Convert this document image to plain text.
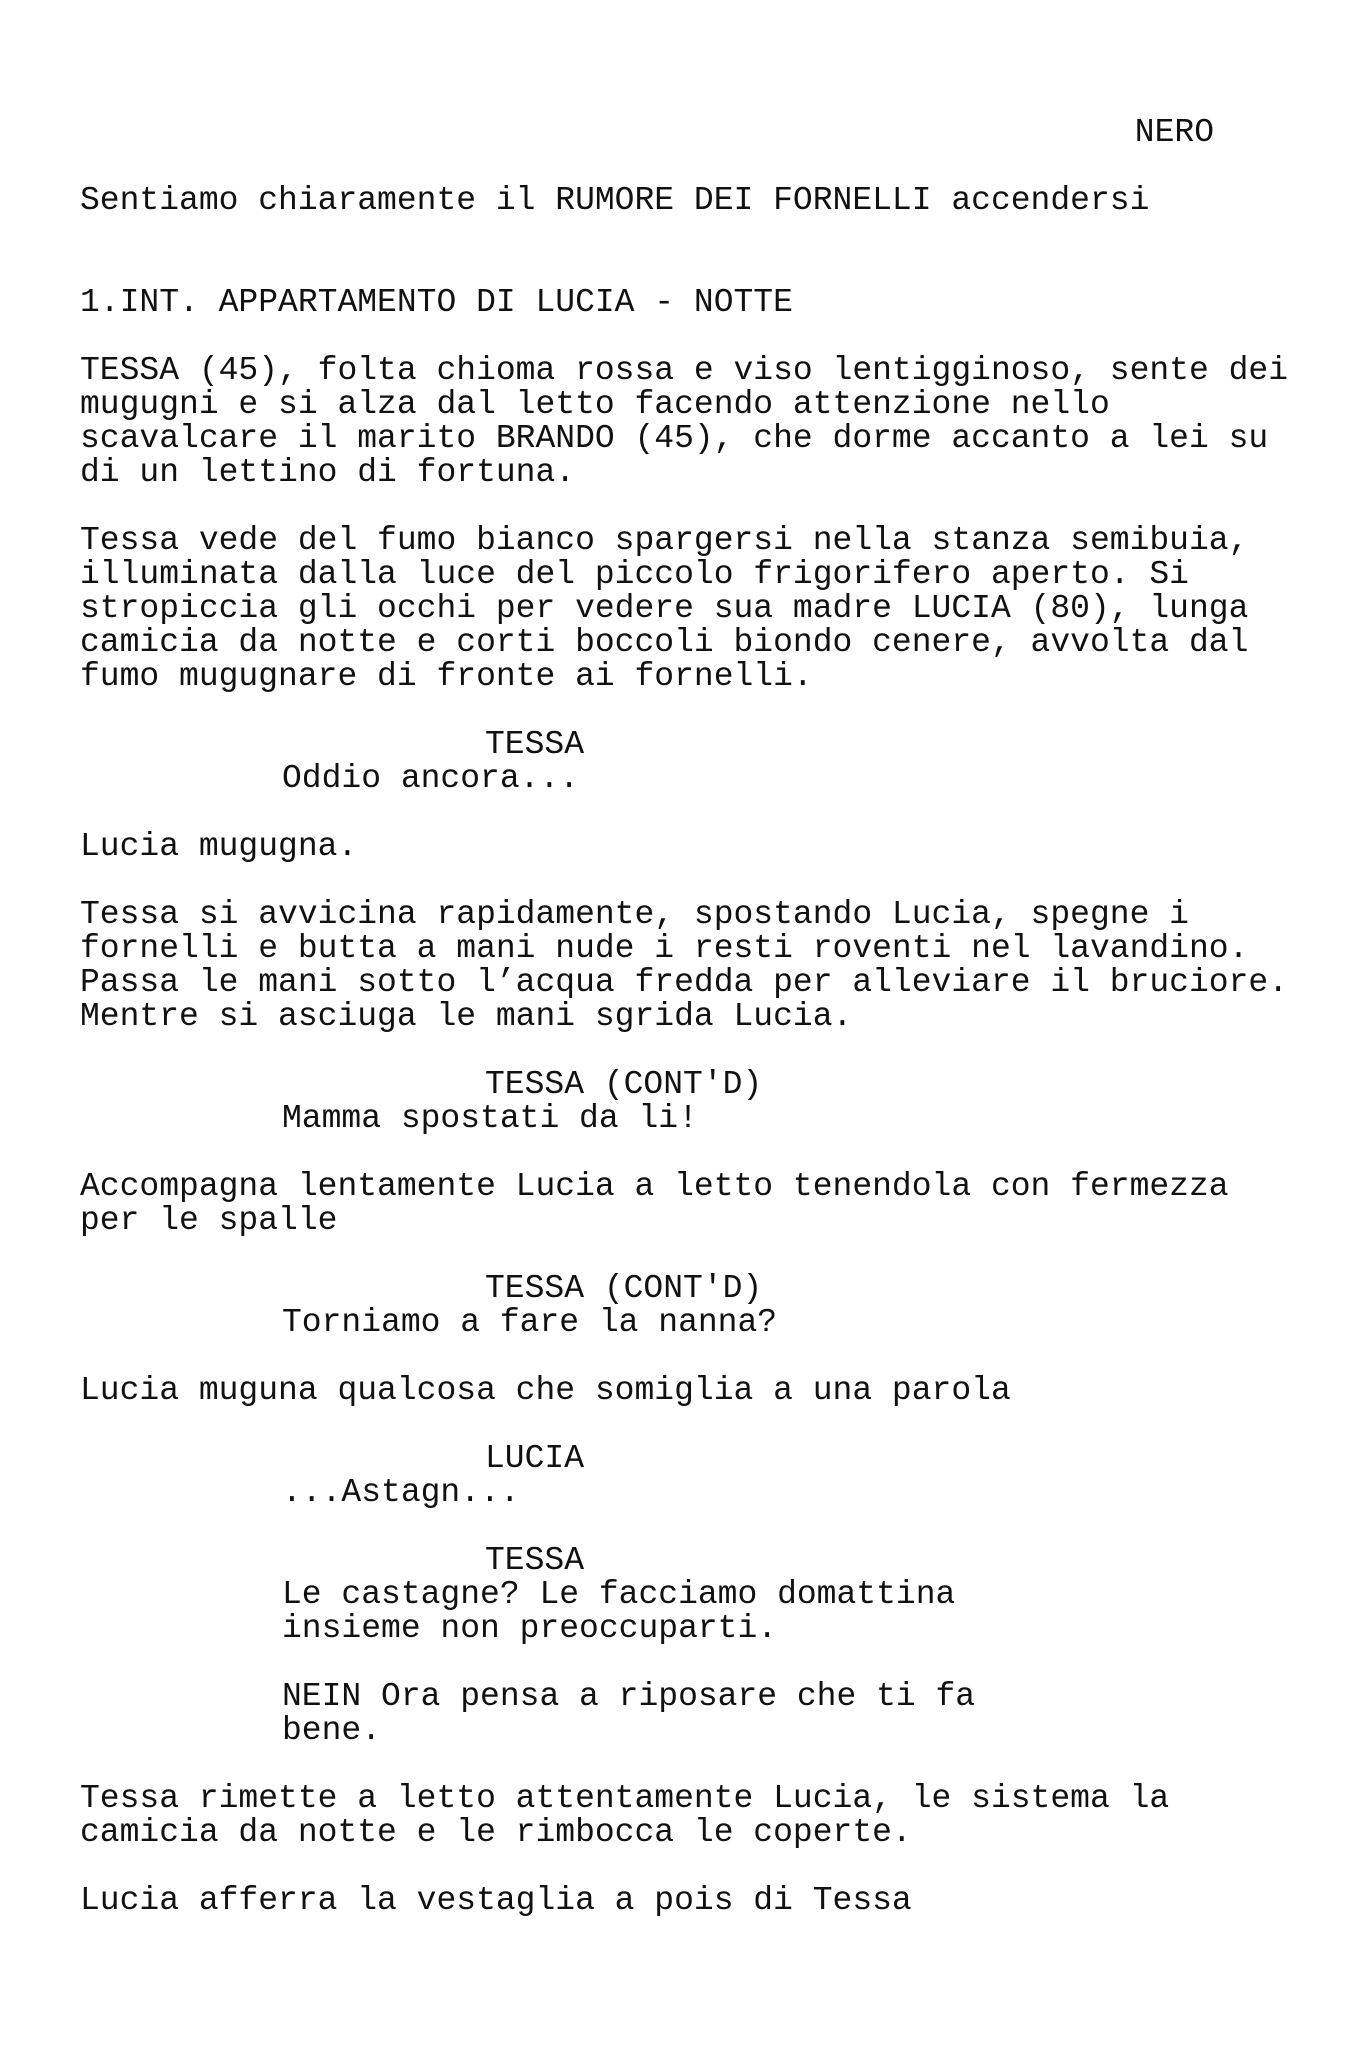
NERO

Sentiamo chiaramente il RUMORE DEI FORNELLI accendersi

1.INT. APPARTAMENTO DI LUCIA - NOTTE

TESSA (45), folta chioma rossa e viso lentigginoso, sente dei

mugugni e si alza dal letto facendo attenzione nello

scavalcare il marito BRANDO (45), che dorme accanto a lei su

di un lettino di fortuna.

Tessa vede del fumo bianco spargersi nella stanza semibuia,

illuminata dalla luce del piccolo frigorifero aperto. Si

stropiccia gli occhi per vedere sua madre LUCIA (80), lunga

camicia da notte e corti boccoli biondo cenere, avvolta dal

fumo mugugnare di fronte ai fornelli.

TESSA

Oddio ancora...

Lucia mugugna.

Tessa si avvicina rapidamente, spostando Lucia, spegne i

fornelli e butta a mani nude i resti roventi nel lavandino.

Passa le mani sotto l’acqua fredda per alleviare il bruciore.

Mentre si asciuga le mani sgrida Lucia.

TESSA (CONT'D)

Mamma spostati da li!

Accompagna lentamente Lucia a letto tenendola con fermezza

per le spalle

TESSA (CONT'D)

Torniamo a fare la nanna?

Lucia muguna qualcosa che somiglia a una parola

LUCIA

...Astagn...

TESSA

Le castagne? Le facciamo domattina

insieme non preoccuparti.

NEIN Ora pensa a riposare che ti fa

bene.

Tessa rimette a letto attentamente Lucia, le sistema la

camicia da notte e le rimbocca le coperte.

Lucia afferra la vestaglia a pois di Tessa
